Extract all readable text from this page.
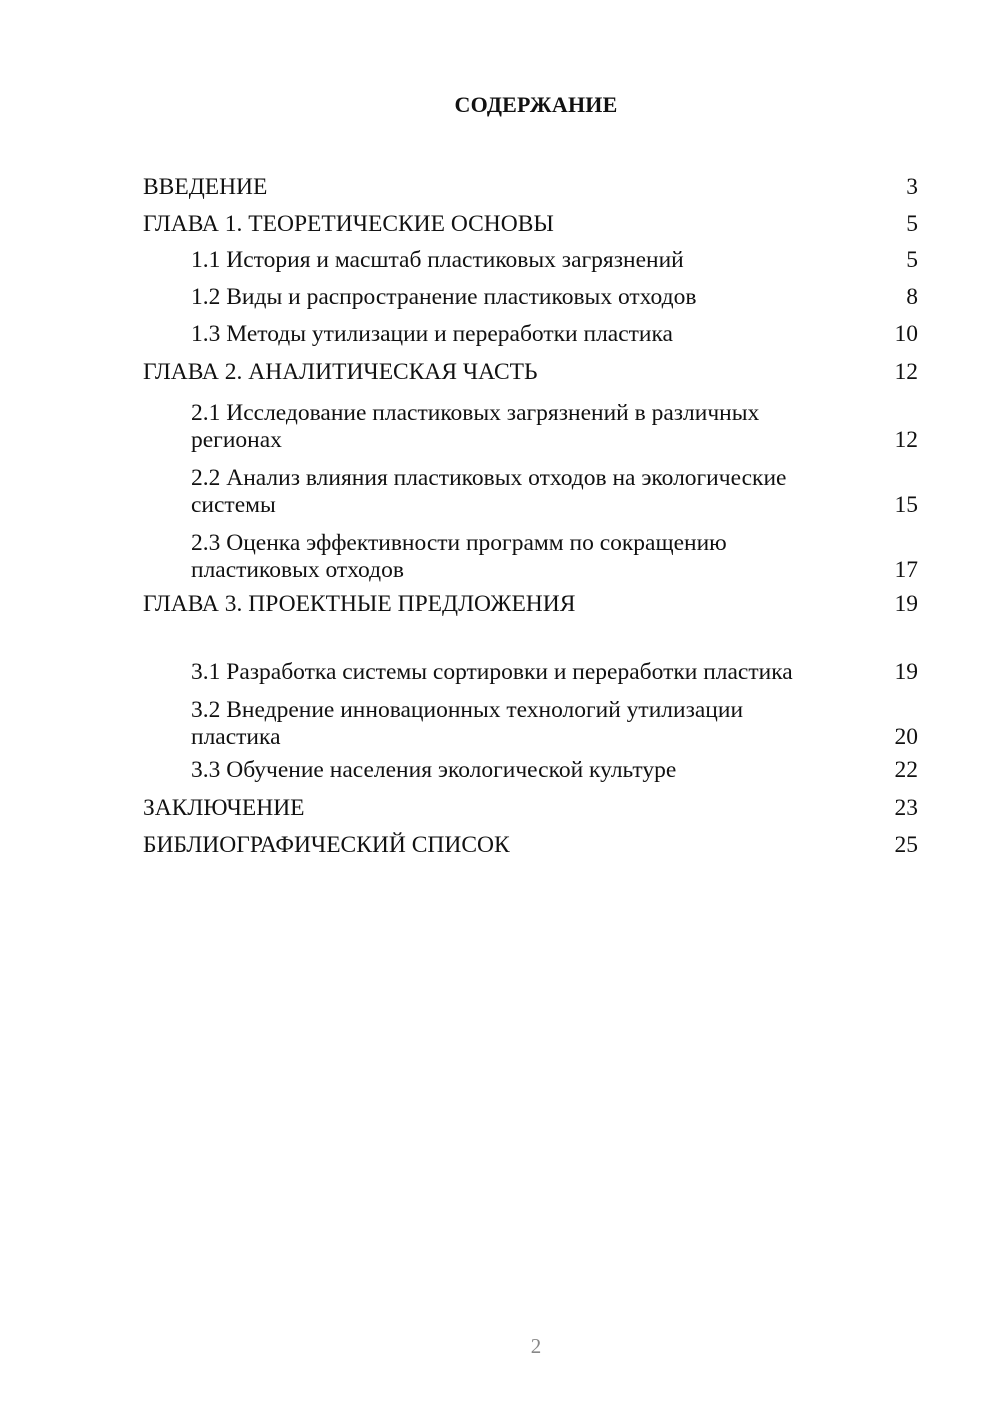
СОДЕРЖАНИЕ
ВВЕДЕНИЕ	3
ГЛАВА 1. ТЕОРЕТИЧЕСКИЕ ОСНОВЫ	5
1.1 История и масштаб пластиковых загрязнений	5
1.2 Виды и распространение пластиковых отходов	8
1.3 Методы утилизации и переработки пластика	10
ГЛАВА 2. АНАЛИТИЧЕСКАЯ ЧАСТЬ	12
2.1 Исследование пластиковых загрязнений в различных регионах	12
2.2 Анализ влияния пластиковых отходов на экологические системы	15
2.3 Оценка эффективности программ по сокращению пластиковых отходов	17
ГЛАВА 3. ПРОЕКТНЫЕ ПРЕДЛОЖЕНИЯ	19
3.1 Разработка системы сортировки и переработки пластика	19
3.2 Внедрение инновационных технологий утилизации пластика	20
3.3 Обучение населения экологической культуре	22
ЗАКЛЮЧЕНИЕ	23
БИБЛИОГРАФИЧЕСКИЙ СПИСОК	25
2
